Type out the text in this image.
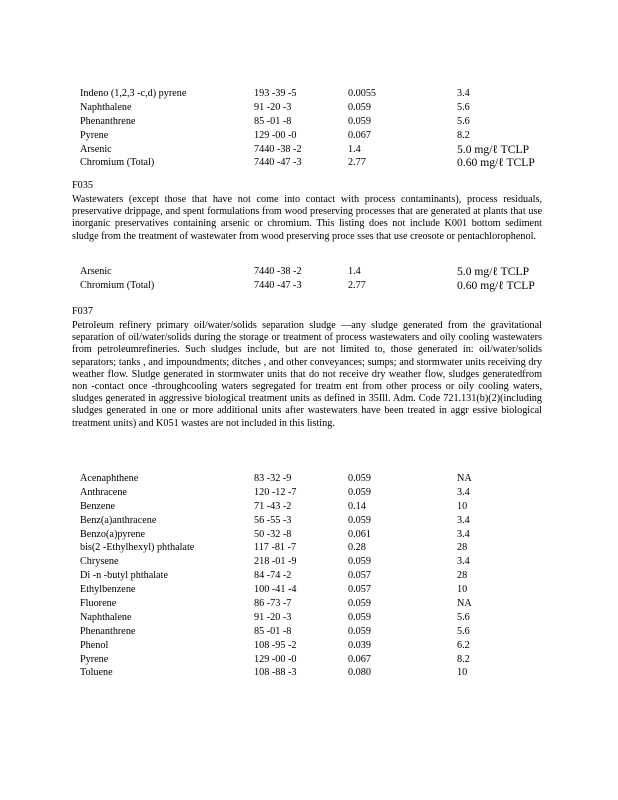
Indeno (1,2,3 -c,d) pyrene	193 -39 -5	0.0055	3.4
Naphthalene	91 -20 -3	0.059	5.6
Phenanthrene	85 -01 -8	0.059	5.6
Pyrene	129 -00 -0	0.067	8.2
Arsenic	7440 -38 -2	1.4	5.0 mg/ℓ TCLP
Chromium (Total)	7440 -47 -3	2.77	0.60 mg/ℓ TCLP
F035
Wastewaters (except those that have not come into contact with process contaminants), process residuals, preservative drippage, and spent formulations from wood preserving processes that are generated at plants that use inorganic preservatives containing arsenic or chromium. This listing does not include K001 bottom sediment sludge from the treatment of wastewater from wood preserving proce sses that use creosote or pentachlorophenol.
Arsenic	7440 -38 -2	1.4	5.0 mg/ℓ TCLP
Chromium (Total)	7440 -47 -3	2.77	0.60 mg/ℓ TCLP
F037
Petroleum refinery primary oil/water/solids separation sludge —any sludge generated from the gravitational separation of oil/water/solids during the storage or treatment of process wastewaters and oily cooling wastewaters from petroleumrefineries. Such sludges include, but are not limited to, those generated in: oil/water/solids separators; tanks , and impoundments; ditches , and other conveyances; sumps; and stormwater units receiving dry weather flow. Sludge generated in stormwater units that do not receive dry weather flow, sludges generatedfrom non -contact once -throughcooling waters segregated for treatm ent from other process or oily cooling waters, sludges generated in aggressive biological treatment units as defined in 35Ill. Adm. Code 721.131(b)(2)(including sludges generated in one or more additional units after wastewaters have been treated in aggr essive biological treatment units) and K051 wastes are not included in this listing.
Acenaphthene	83 -32 -9	0.059	NA
Anthracene	120 -12 -7	0.059	3.4
Benzene	71 -43 -2	0.14	10
Benz(a)anthracene	56 -55 -3	0.059	3.4
Benzo(a)pyrene	50 -32 -8	0.061	3.4
bis(2 -Ethylhexyl) phthalate	117 -81 -7	0.28	28
Chrysene	218 -01 -9	0.059	3.4
Di -n -butyl phthalate	84 -74 -2	0.057	28
Ethylbenzene	100 -41 -4	0.057	10
Fluorene	86 -73 -7	0.059	NA
Naphthalene	91 -20 -3	0.059	5.6
Phenanthrene	85 -01 -8	0.059	5.6
Phenol	108 -95 -2	0.039	6.2
Pyrene	129 -00 -0	0.067	8.2
Toluene	108 -88 -3	0.080	10
